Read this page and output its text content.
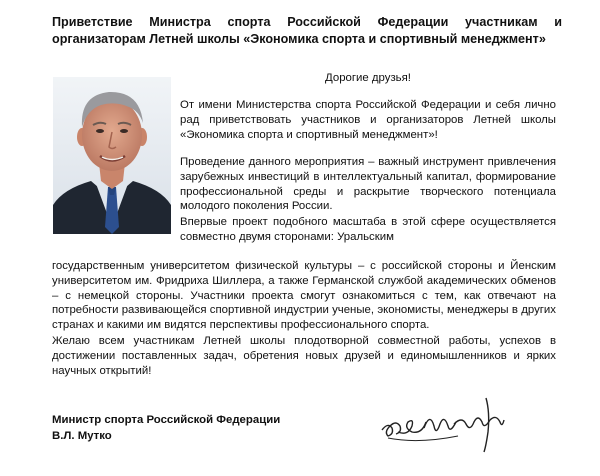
Приветствие Министра спорта Российской Федерации участникам и организаторам Летней школы «Экономика спорта и спортивный менеджмент»

Дорогие друзья!

От имени Министерства спорта Российской Федерации и себя лично рад приветствовать участников и организаторов Летней школы «Экономика спорта и спортивный менеджмент»!

Проведение данного мероприятия – важный инструмент привлечения зарубежных инвестиций в интеллектуальный капитал, формирование профессиональной среды и раскрытие творческого потенциала молодого поколения России.

Впервые проект подобного масштаба в этой сфере осуществляется совместно двумя сторонами: Уральским

государственным университетом физической культуры – с российской стороны и Йенским университетом им. Фридриха Шиллера, а также Германской службой академических обменов – с немецкой стороны. Участники проекта смогут ознакомиться с тем, как отвечают на потребности развивающейся спортивной индустрии ученые, экономисты, менеджеры в других странах и какими им видятся перспективы профессионального спорта.

Желаю всем участникам Летней школы плодотворной совместной работы, успехов в достижении поставленных задач, обретения новых друзей и единомышленников и ярких научных открытий!

Министр спорта Российской Федерации
В.Л. Мутко
